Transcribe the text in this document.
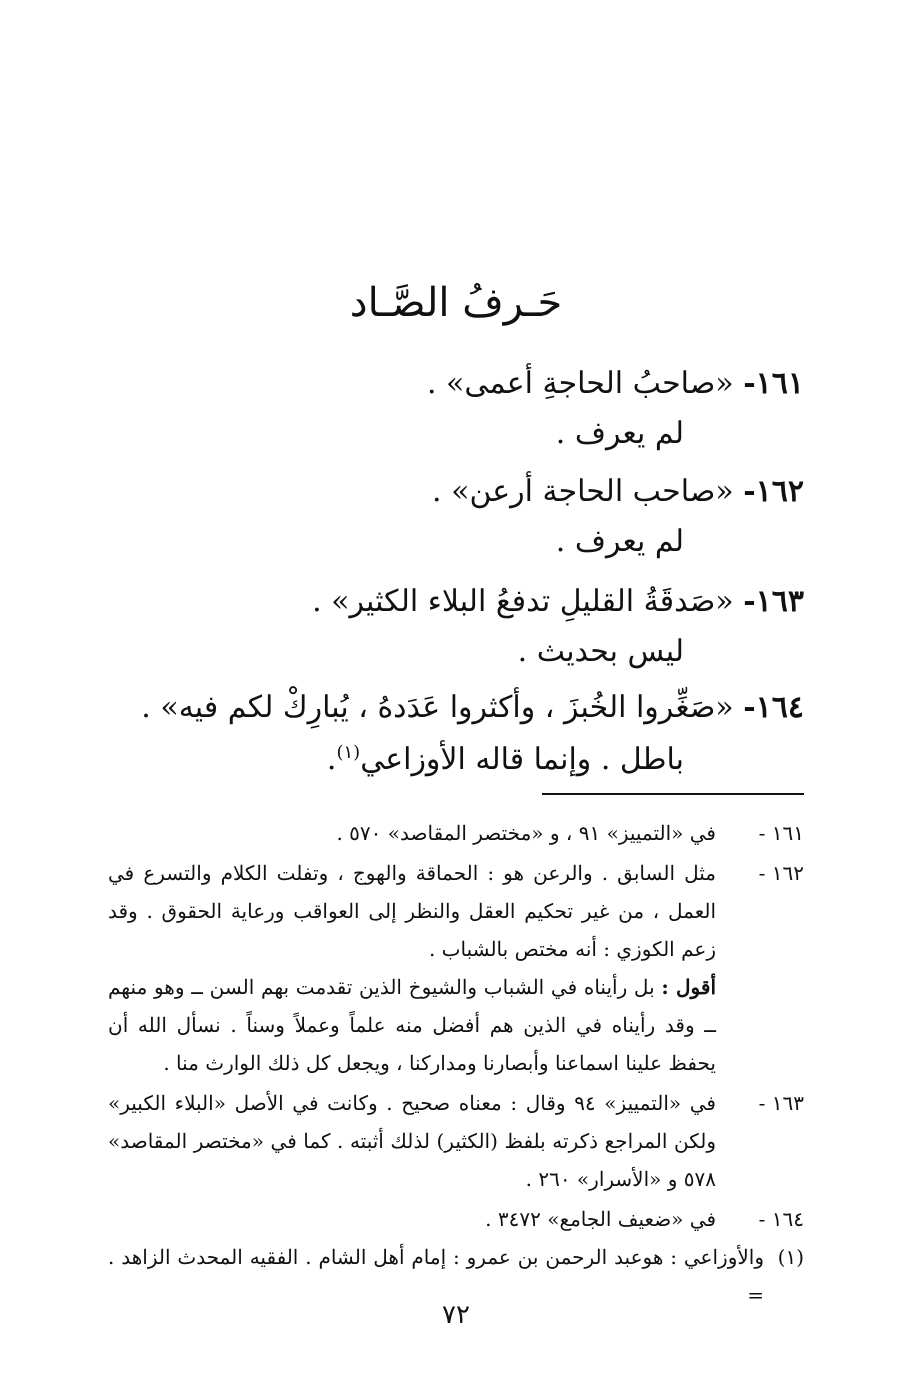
حَـرفُ الصَّـاد
١٦١- «صاحبُ الحاجةِ أعمى» .
لم يعرف .
١٦٢- «صاحب الحاجة أرعن» .
لم يعرف .
١٦٣- «صَدقَةُ القليلِ تدفعُ البلاء الكثير» .
ليس بحديث .
١٦٤- «صَغِّروا الخُبزَ ، وأكثروا عَدَدهُ ، يُبارِكْ لكم فيه» .
باطل . وإنما قاله الأوزاعي$^{(١)}$.
١٦١ -
في «التمييز» ٩١ ، و «مختصر المقاصد» ٥٧٠ .
١٦٢ -
مثل السابق . والرعن هو : الحماقة والهوج ، وتفلت الكلام والتسرع في العمل ، من غير تحكيم العقل والنظر إلى العواقب ورعاية الحقوق . وقد زعم الكوزي : أنه مختص بالشباب .
أقول : بل رأيناه في الشباب والشيوخ الذين تقدمت بهم السن ــ وهو منهم ــ وقد رأيناه في الذين هم أفضل منه علماً وعملاً وسناً . نسأل الله أن يحفظ علينا اسماعنا وأبصارنا ومداركنا ، ويجعل كل ذلك الوارث منا .
١٦٣ -
في «التمييز» ٩٤ وقال : معناه صحيح . وكانت في الأصل «البلاء الكبير» ولكن المراجع ذكرته بلفظ (الكثير) لذلك أثبته . كما في «مختصر المقاصد» ٥٧٨ و «الأسرار» ٢٦٠ .
١٦٤ -
في «ضعيف الجامع» ٣٤٧٢ .
(١)
والأوزاعي : هوعبد الرحمن بن عمرو : إمام أهل الشام . الفقيه المحدث الزاهد . =
٧٢
